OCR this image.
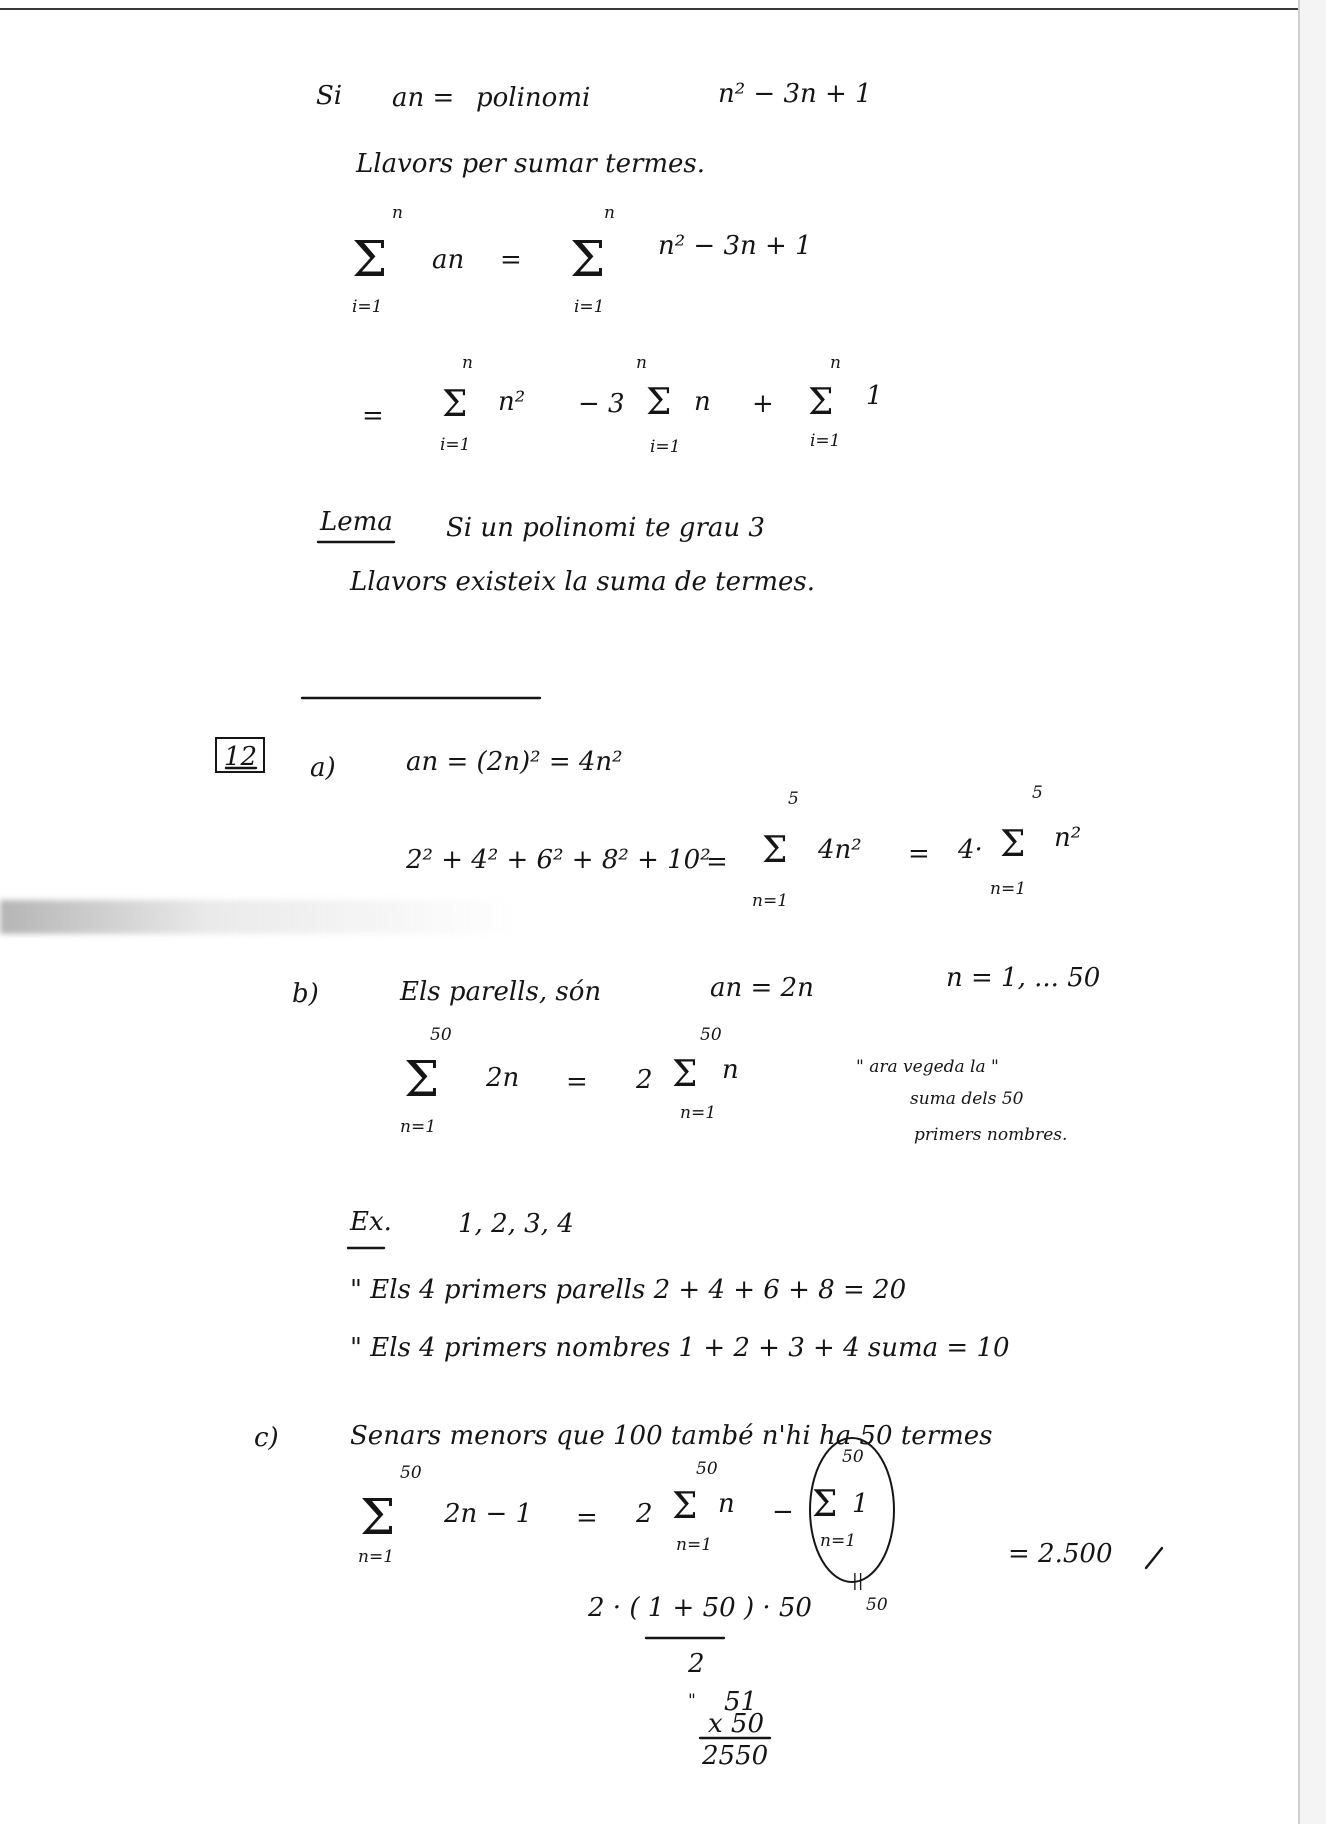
Si an = polinomi	n² − 3n + 1
Llavors per sumar termes.
n
Σ
i=1
an =
n
Σ
i=1
n² − 3n + 1
=
n
Σ
i=1
n² − 3
n
Σ
i=1
n +
n
Σ
i=1
1
Lema Si un polinomi te grau 3
Llavors existeix la suma de termes.
12 a)	an = (2n)² = 4n²
2² + 4² + 6² + 8² + 10²
=
5
Σ
n=1
4n² = 4·
5
Σ
n=1
n²
b)	Els parells, són	an = 2n	n = 1, ... 50
50
Σ
n=1
2n = 2
50
Σ
n=1
n	" ara vegeda la "
suma dels 50
primers nombres.
Ex.	1, 2, 3, 4
" Els 4 primers parells 2 + 4 + 6 + 8 = 20
" Els 4 primers nombres 1 + 2 + 3 + 4 suma = 10
c)	Senars menors que 100 també n'hi ha 50 termes
50
Σ
n=1
2n − 1 = 2
50
Σ
n=1
n −
50
Σ 1
n=1
||
50
= 2.500
2 · ( 1 + 50 ) · 50
2
" 51
x 50
2550
